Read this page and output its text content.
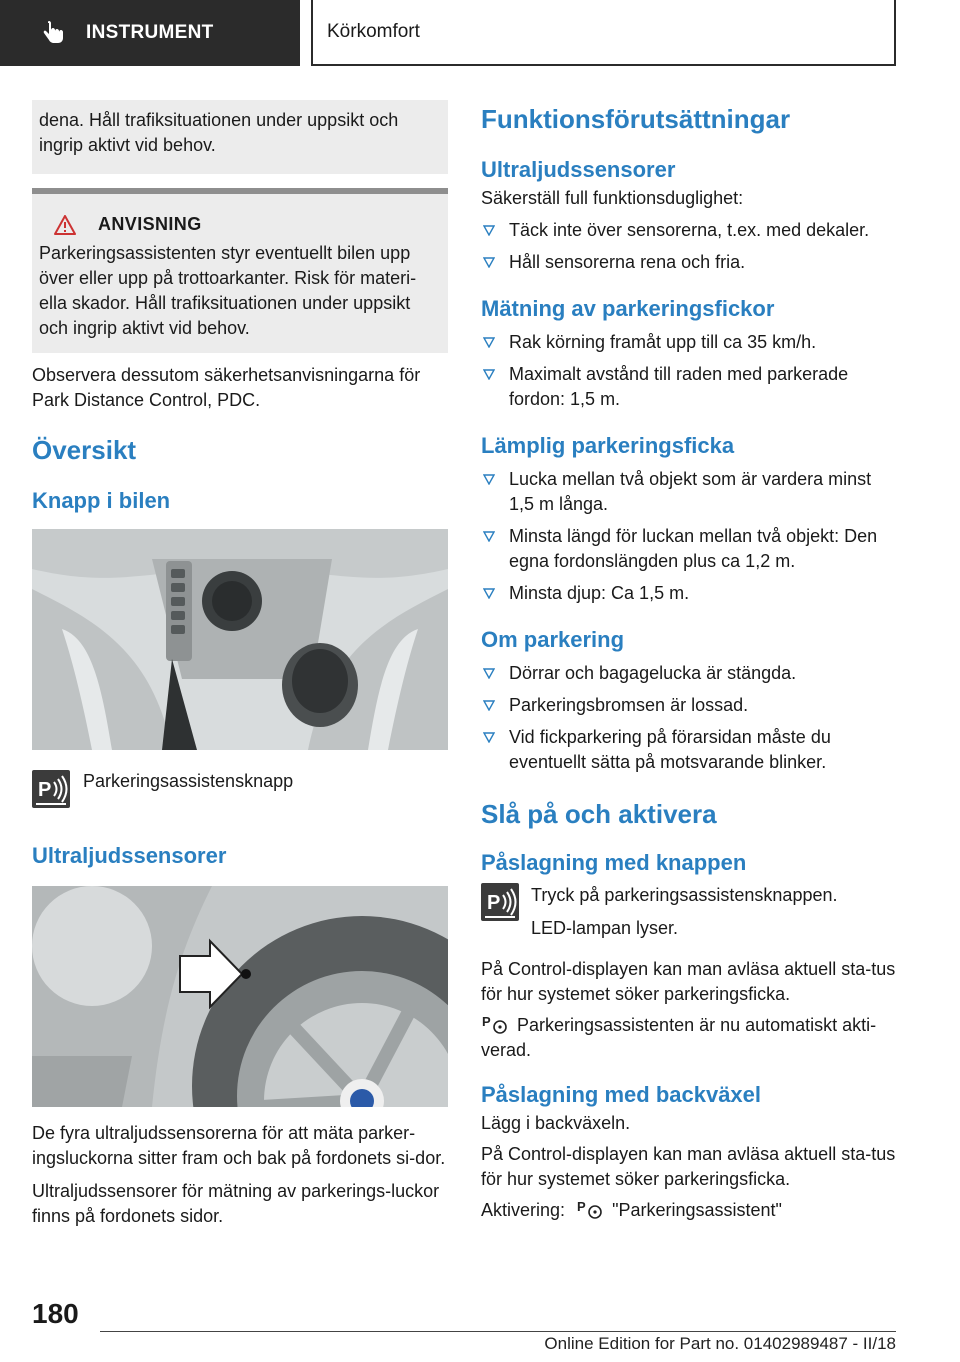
INSTRUMENT	Körkomfort

dena. Håll trafiksituationen under uppsikt och ingrip aktivt vid behov.

ANVISNING

Parkeringsassistenten styr eventuellt bilen upp över eller upp på trottoarkanter. Risk för materi-ella skador. Håll trafiksituationen under uppsikt och ingrip aktivt vid behov.

Observera dessutom säkerhetsanvisningarna för Park Distance Control, PDC.

Översikt
Knapp i bilen
P Parkeringsassistensknapp

Ultraljudssensorer

De fyra ultraljudssensorerna för att mäta parker-ingsluckorna sitter fram och bak på fordonets si-dor.

Ultraljudssensorer för mätning av parkerings-luckor finns på fordonets sidor.

Funktionsförutsättningar
Ultraljudssensorer

Säkerställ full funktionsduglighet:

Täck inte över sensorerna, t.ex. med dekaler.
Håll sensorerna rena och fria.
Mätning av parkeringsfickor
Rak körning framåt upp till ca 35 km/h.
Maximalt avstånd till raden med parkerade fordon: 1,5 m.
Lämplig parkeringsficka
Lucka mellan två objekt som är vardera minst 1,5 m långa.
Minsta längd för luckan mellan två objekt: Den egna fordonslängden plus ca 1,2 m.
Minsta djup: Ca 1,5 m.
Om parkering
Dörrar och bagagelucka är stängda.
Parkeringsbromsen är lossad.
Vid fickparkering på förarsidan måste du eventuellt sätta på motsvarande blinker.
Slå på och aktivera
Påslagning med knappen
P Tryck på parkeringsassistensknappen.

LED-lampan lyser.

På Control-displayen kan man avläsa aktuell sta-tus för hur systemet söker parkeringsficka.

P Parkeringsassistenten är nu automatiskt akti-verad.

Påslagning med backväxel

Lägg i backväxeln.

På Control-displayen kan man avläsa aktuell sta-tus för hur systemet söker parkeringsficka.

Aktivering: P "Parkeringsassistent"

180
Online Edition for Part no. 01402989487 - II/18
